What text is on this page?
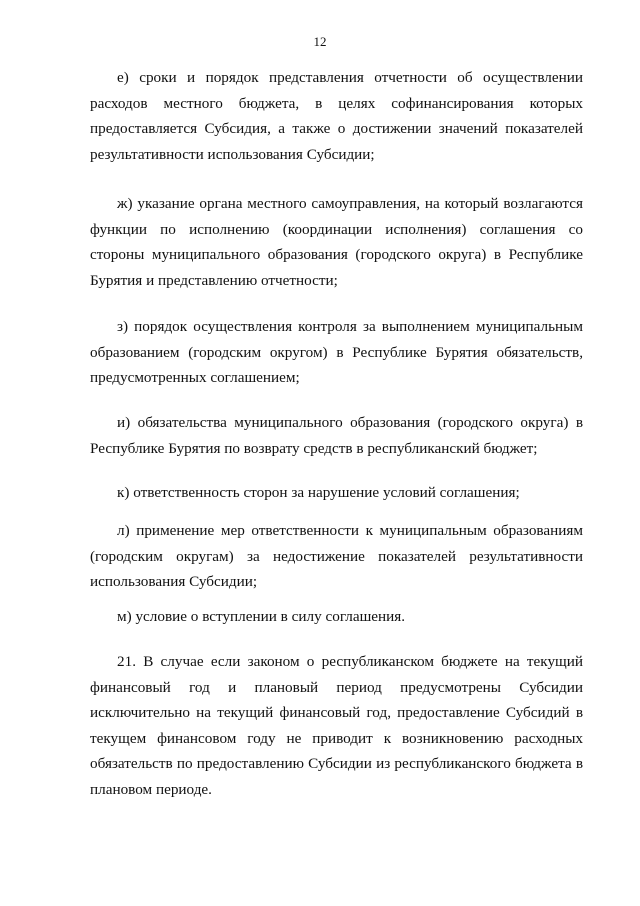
12

е) сроки и порядок представления отчетности об осуществлении расходов местного бюджета, в целях софинансирования которых предоставляется Субсидия, а также о достижении значений показателей результативности использования Субсидии;

ж) указание органа местного самоуправления, на который возлагаются функции по исполнению (координации исполнения) соглашения со стороны муниципального образования (городского округа) в Республике Бурятия и представлению отчетности;

з) порядок осуществления контроля за выполнением муниципальным образованием (городским округом) в Республике Бурятия обязательств, предусмотренных соглашением;

и) обязательства муниципального образования (городского округа) в Республике Бурятия по возврату средств в республиканский бюджет;

к) ответственность сторон за нарушение условий соглашения;

л) применение мер ответственности к муниципальным образованиям (городским округам) за недостижение показателей результативности использования Субсидии;

м) условие о вступлении в силу соглашения.

21. В случае если законом о республиканском бюджете на текущий финансовый год и плановый период предусмотрены Субсидии исключительно на текущий финансовый год, предоставление Субсидий в текущем финансовом году не приводит к возникновению расходных обязательств по предоставлению Субсидии из республиканского бюджета в плановом периоде.
